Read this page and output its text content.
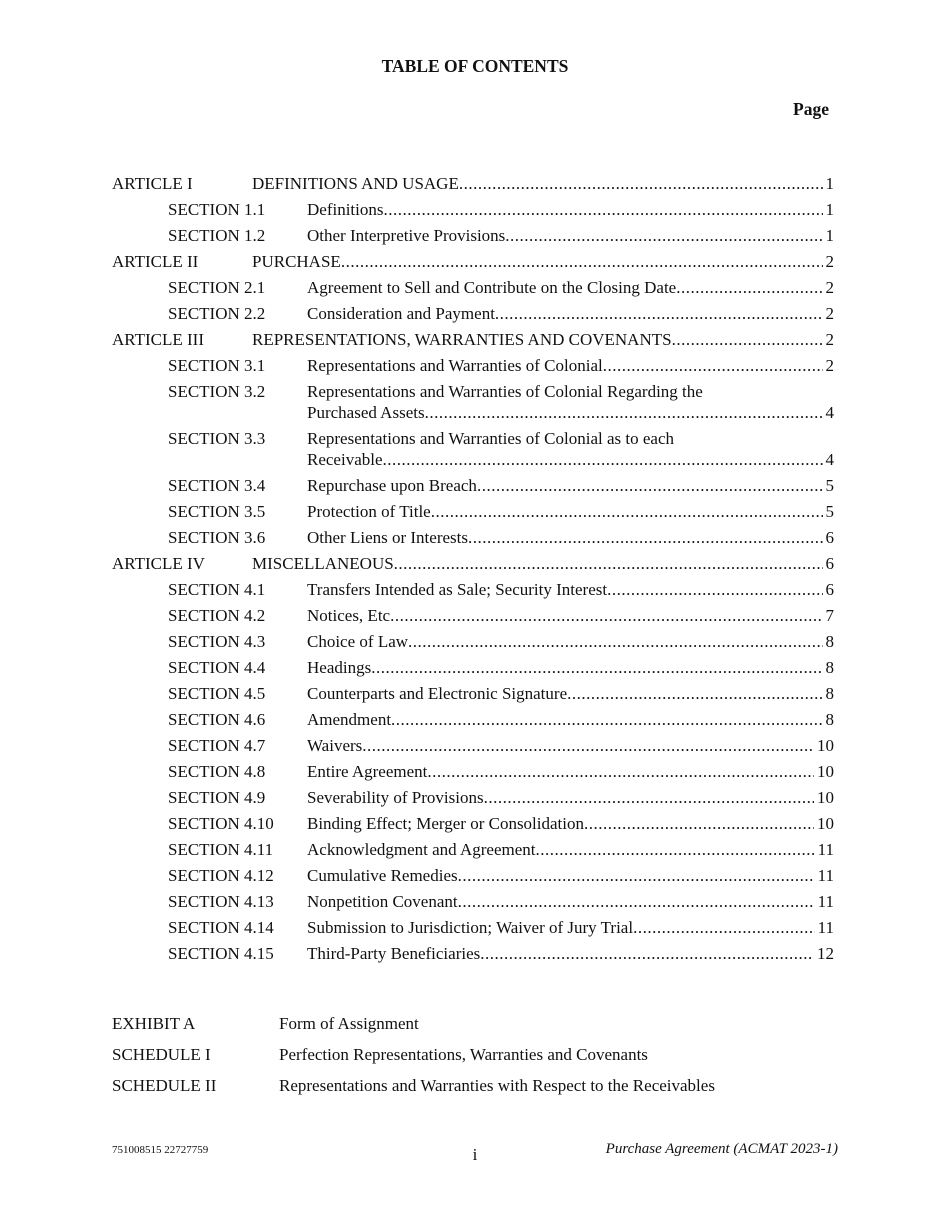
TABLE OF CONTENTS
Page
ARTICLE I	DEFINITIONS AND USAGE .....	1
SECTION 1.1 Definitions .....	1
SECTION 1.2 Other Interpretive Provisions .....	1
ARTICLE II	PURCHASE .....	2
SECTION 2.1 Agreement to Sell and Contribute on the Closing Date .....	2
SECTION 2.2 Consideration and Payment .....	2
ARTICLE III	REPRESENTATIONS, WARRANTIES AND COVENANTS .....	2
SECTION 3.1 Representations and Warranties of Colonial .....	2
SECTION 3.2 Representations and Warranties of Colonial Regarding the
Purchased Assets .....	4
SECTION 3.3 Representations and Warranties of Colonial as to each
Receivable .....	4
SECTION 3.4 Repurchase upon Breach .....	5
SECTION 3.5 Protection of Title .....	5
SECTION 3.6 Other Liens or Interests .....	6
ARTICLE IV	MISCELLANEOUS .....	6
SECTION 4.1 Transfers Intended as Sale; Security Interest .....	6
SECTION 4.2 Notices, Etc .....	7
SECTION 4.3 Choice of Law .....	8
SECTION 4.4 Headings .....	8
SECTION 4.5 Counterparts and Electronic Signature .....	8
SECTION 4.6 Amendment .....	8
SECTION 4.7 Waivers .....	10
SECTION 4.8 Entire Agreement .....	10
SECTION 4.9 Severability of Provisions .....	10
SECTION 4.10 Binding Effect; Merger or Consolidation .....	10
SECTION 4.11 Acknowledgment and Agreement .....	11
SECTION 4.12 Cumulative Remedies .....	11
SECTION 4.13 Nonpetition Covenant .....	11
SECTION 4.14 Submission to Jurisdiction; Waiver of Jury Trial .....	11
SECTION 4.15 Third-Party Beneficiaries .....	12
EXHIBIT A	Form of Assignment
SCHEDULE I	Perfection Representations, Warranties and Covenants
SCHEDULE II	Representations and Warranties with Respect to the Receivables
751008515 22727759	i	Purchase Agreement (ACMAT 2023-1)
